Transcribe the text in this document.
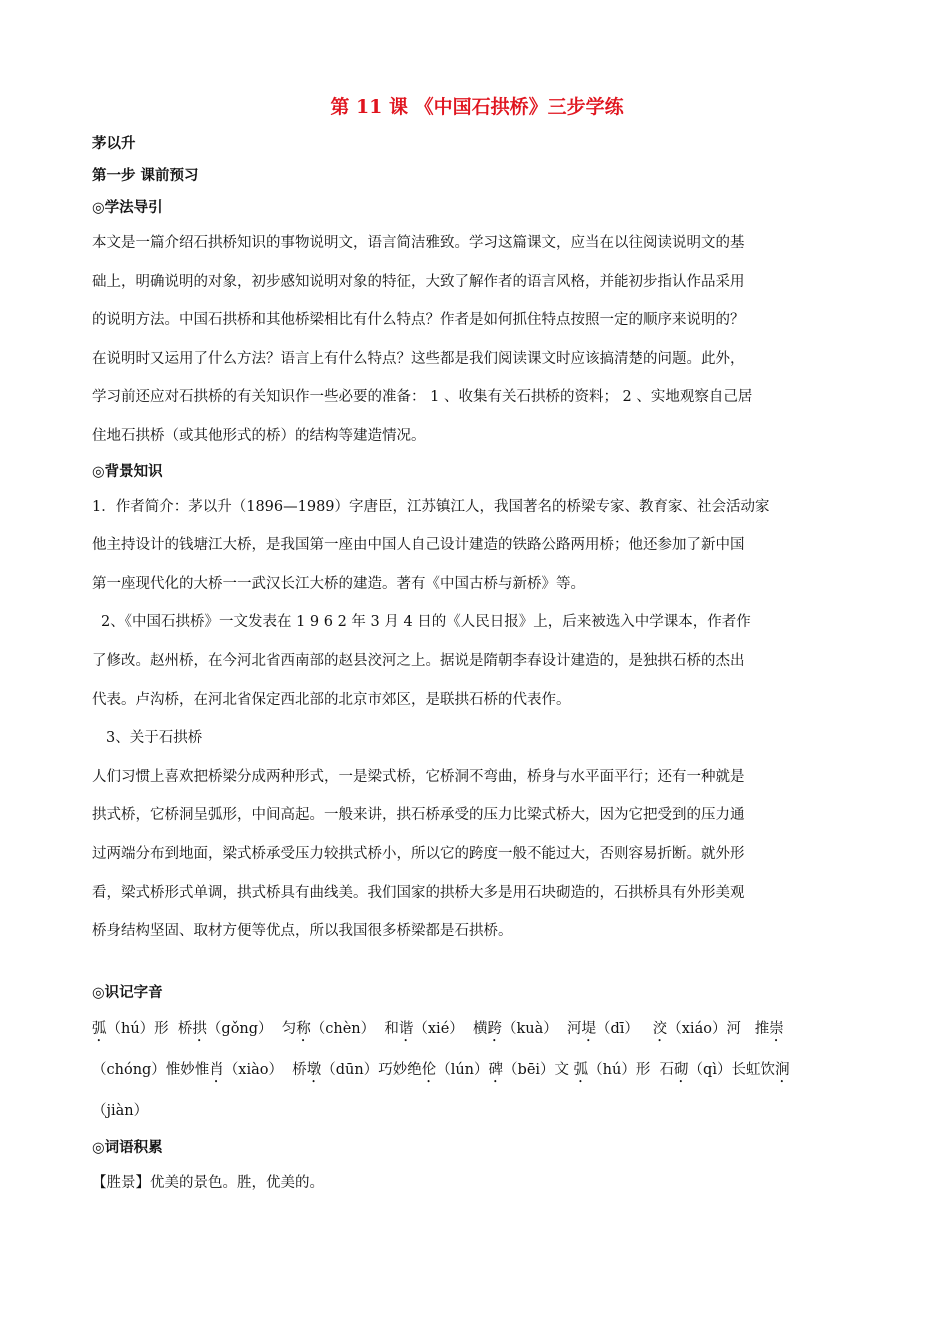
第 11 课 《中国石拱桥》三步学练

茅以升

第一步 课前预习

◎学法导引

本文是一篇介绍石拱桥知识的事物说明文，语言简洁雅致。学习这篇课文，应当在以往阅读说明文的基

础上，明确说明的对象，初步感知说明对象的特征，大致了解作者的语言风格，并能初步指认作品采用

的说明方法。中国石拱桥和其他桥梁相比有什么特点？作者是如何抓住特点按照一定的顺序来说明的？

在说明时又运用了什么方法？语言上有什么特点？这些都是我们阅读课文时应该搞清楚的问题。此外，

学习前还应对石拱桥的有关知识作一些必要的准备： 1 、收集有关石拱桥的资料； 2 、实地观察自己居

住地石拱桥（或其他形式的桥）的结构等建造情况。

◎背景知识

1．作者简介：茅以升（1896—1989）字唐臣，江苏镇江人，我国著名的桥梁专家、教育家、社会活动家

他主持设计的钱塘江大桥，是我国第一座由中国人自己设计建造的铁路公路两用桥；他还参加了新中国

第一座现代化的大桥一一武汉长江大桥的建造。著有《中国古桥与新桥》等。

2、《中国石拱桥》一文发表在 1 9 6 2 年 3 月 4 日的《人民日报》上，后来被选入中学课本，作者作

了修改。赵州桥，在今河北省西南部的赵县洨河之上。据说是隋朝李春设计建造的，是独拱石桥的杰出

代表。卢沟桥，在河北省保定西北部的北京市郊区，是联拱石桥的代表作。

3、关于石拱桥

人们习惯上喜欢把桥梁分成两种形式，一是梁式桥，它桥洞不弯曲，桥身与水平面平行；还有一种就是

拱式桥，它桥洞呈弧形，中间高起。一般来讲，拱石桥承受的压力比梁式桥大，因为它把受到的压力通

过两端分布到地面，梁式桥承受压力较拱式桥小，所以它的跨度一般不能过大，否则容易折断。就外形

看，梁式桥形式单调，拱式桥具有曲线美。我们国家的拱桥大多是用石块砌造的，石拱桥具有外形美观

桥身结构坚固、取材方便等优点，所以我国很多桥梁都是石拱桥。

◎识记字音

弧（hú）形  桥拱（gǒng）  匀称（chèn）  和谐（xié）  横跨（kuà）  河堤（dī）   洨（xiáo）河   推崇

（chóng）惟妙惟肖（xiào）  桥墩（dūn）巧妙绝伦（lún）碑（bēi）文 弧（hú）形  石砌（qì）长虹饮涧

（jiàn）

◎词语积累

【胜景】优美的景色。胜，优美的。
